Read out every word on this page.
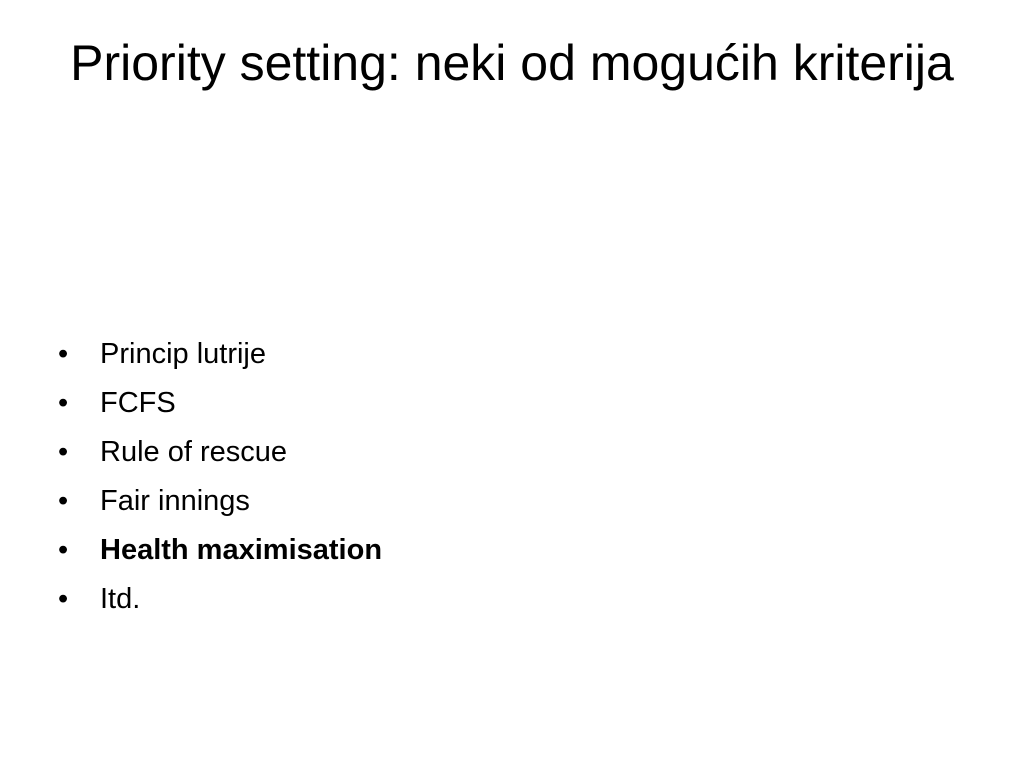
Priority setting: neki od mogućih kriterija
• Princip lutrije
• FCFS
• Rule of rescue
• Fair innings
• Health maximisation
• Itd.
